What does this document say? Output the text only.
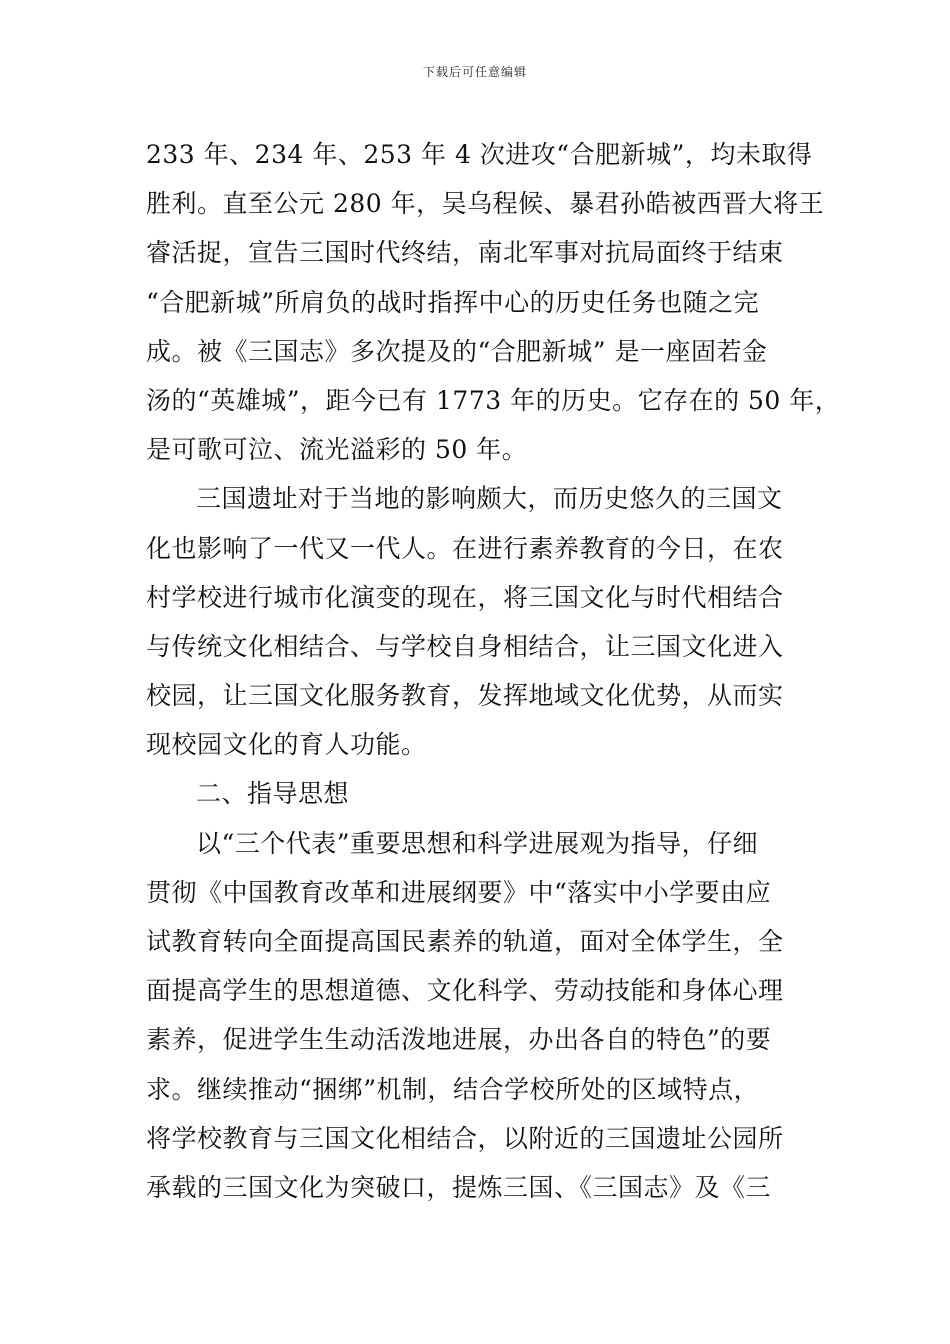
下载后可任意编辑
233 年、234 年、253 年 4 次进攻“合肥新城”，均未取得
胜利。直至公元 280 年，吴乌程候、暴君孙皓被西晋大将王
睿活捉，宣告三国时代终结，南北军事对抗局面终于结束
“合肥新城”所肩负的战时指挥中心的历史任务也随之完
成。被《三国志》多次提及的“合肥新城” 是一座固若金
汤的“英雄城”，距今已有 1773 年的历史。它存在的 50 年，
是可歌可泣、流光溢彩的 50 年。
三国遗址对于当地的影响颇大，而历史悠久的三国文
化也影响了一代又一代人。在进行素养教育的今日，在农
村学校进行城市化演变的现在，将三国文化与时代相结合
与传统文化相结合、与学校自身相结合，让三国文化进入
校园，让三国文化服务教育，发挥地域文化优势，从而实
现校园文化的育人功能。
二、指导思想
以“三个代表”重要思想和科学进展观为指导，仔细
贯彻《中国教育改革和进展纲要》中“落实中小学要由应
试教育转向全面提高国民素养的轨道，面对全体学生，全
面提高学生的思想道德、文化科学、劳动技能和身体心理
素养，促进学生生动活泼地进展，办出各自的特色”的要
求。继续推动“捆绑”机制，结合学校所处的区域特点，
将学校教育与三国文化相结合，以附近的三国遗址公园所
承载的三国文化为突破口，提炼三国、《三国志》及《三
